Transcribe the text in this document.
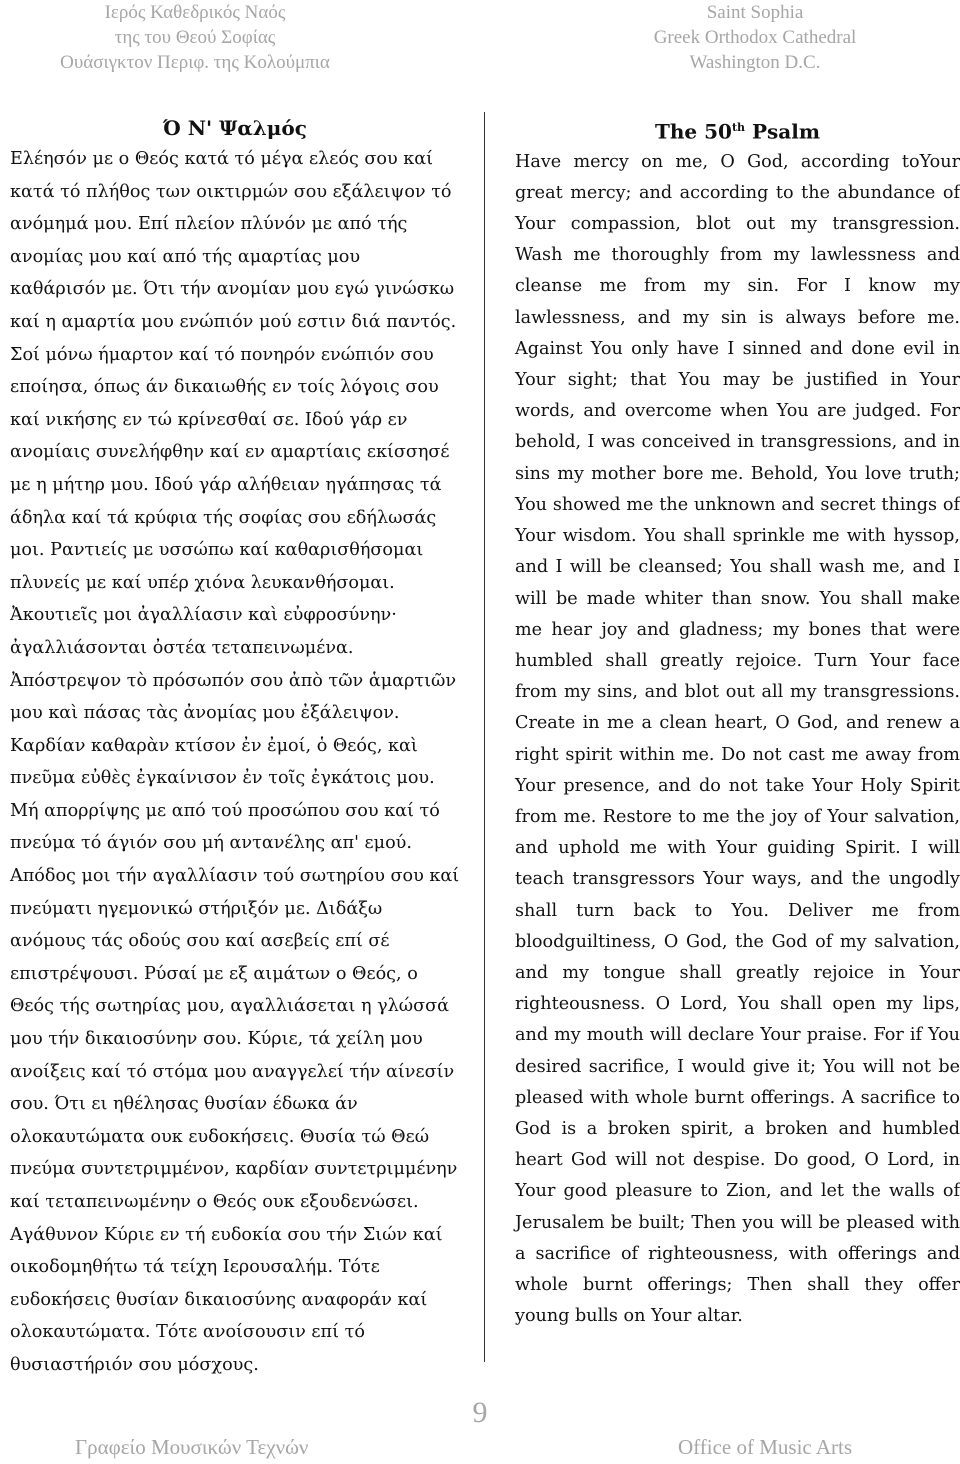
Ιερός Καθεδρικός Ναός
της του Θεού Σοφίας
Ουάσιγκτον Περιφ. της Κολούμπια
Saint Sophia
Greek Orthodox Cathedral
Washington D.C.
Ό Ν' Ψαλμός

Ελέησόν με ο Θεός κατά τό μέγα ελεός σου καί κατά τό πλήθος των οικτιρμών σου εξάλειψον τό ανόμημά μου. Επί πλείον πλύνόν με από τής ανομίας μου καί από τής αμαρτίας μου καθάρισόν με. Ότι τήν ανομίαν μου εγώ γινώσκω καί η αμαρτία μου ενώπιόν μού εστιν διά παντός. Σοί μόνω ήμαρτον καί τό πονηρόν ενώπιόν σου εποίησα, όπως άν δικαιωθής εν τοίς λόγοις σου καί νικήσης εν τώ κρίνεσθαί σε. Ιδού γάρ εν ανομίαις συνελήφθην καί εν αμαρτίαις εκίσσησέ με η μήτηρ μου. Ιδού γάρ αλήθειαν ηγάπησας τά άδηλα καί τά κρύφια τής σοφίας σου εδήλωσάς μοι. Ραντιείς με υσσώπω καί καθαρισθήσομαι πλυνείς με καί υπέρ χιόνα λευκανθήσομαι. Ἀκουτιεῖς μοι ἀγαλλίασιν καὶ εὐφροσύνην· ἀγαλλιάσονται ὀστέα τεταπεινωμένα. Ἀπόστρεψον τὸ πρόσωπόν σου ἀπὸ τῶν ἁμαρτιῶν μου καὶ πάσας τὰς ἀνομίας μου ἐξάλειψον. Καρδίαν καθαρὰν κτίσον ἐν ἐμοί, ὁ Θεός, καὶ πνεῦμα εὐθὲς ἐγκαίνισον ἐν τοῖς ἐγκάτοις μου. Μή απορρίψης με από τού προσώπου σου καί τό πνεύμα τό άγιόν σου μή αντανέλης απ' εμού. Απόδος μοι τήν αγαλλίασιν τού σωτηρίου σου καί πνεύματι ηγεμονικώ στήριξόν με. Διδάξω ανόμους τάς οδούς σου καί ασεβείς επί σέ επιστρέψουσι. Ρύσαί με εξ αιμάτων ο Θεός, ο Θεός τής σωτηρίας μου, αγαλλιάσεται η γλώσσά μου τήν δικαιοσύνην σου. Κύριε, τά χείλη μου ανοίξεις καί τό στόμα μου αναγγελεί τήν αίνεσίν σου. Ότι ει ηθέλησας θυσίαν έδωκα άν ολοκαυτώματα ουκ ευδοκήσεις. Θυσία τώ Θεώ πνεύμα συντετριμμένον, καρδίαν συντετριμμένην καί τεταπεινωμένην ο Θεός ουκ εξουδενώσει. Αγάθυνον Κύριε εν τή ευδοκία σου τήν Σιών καί οικοδομηθήτω τά τείχη Ιερουσαλήμ. Τότε ευδοκήσεις θυσίαν δικαιοσύνης αναφοράν καί ολοκαυτώματα. Τότε ανοίσουσιν επί τό θυσιαστήριόν σου μόσχους.

The 50th Psalm

Have mercy on me, O God, according toYour great mercy; and according to the abundance of Your compassion, blot out my transgression. Wash me thoroughly from my lawlessness and cleanse me from my sin. For I know my lawlessness, and my sin is always before me. Against You only have I sinned and done evil in Your sight; that You may be justified in Your words, and overcome when You are judged. For behold, I was conceived in transgressions, and in sins my mother bore me. Behold, You love truth; You showed me the unknown and secret things of Your wisdom. You shall sprinkle me with hyssop, and I will be cleansed; You shall wash me, and I will be made whiter than snow. You shall make me hear joy and gladness; my bones that were humbled shall greatly rejoice. Turn Your face from my sins, and blot out all my transgressions. Create in me a clean heart, O God, and renew a right spirit within me. Do not cast me away from Your presence, and do not take Your Holy Spirit from me. Restore to me the joy of Your salvation, and uphold me with Your guiding Spirit. I will teach transgressors Your ways, and the ungodly shall turn back to You. Deliver me from bloodguiltiness, O God, the God of my salvation, and my tongue shall greatly rejoice in Your righteousness. O Lord, You shall open my lips, and my mouth will declare Your praise. For if You desired sacrifice, I would give it; You will not be pleased with whole burnt offerings. A sacrifice to God is a broken spirit, a broken and humbled heart God will not despise. Do good, O Lord, in Your good pleasure to Zion, and let the walls of Jerusalem be built; Then you will be pleased with a sacrifice of righteousness, with offerings and whole burnt offerings; Then shall they offer young bulls on Your altar.

9
Γραφείο Μουσικών Τεχνών	Office of Music Arts
